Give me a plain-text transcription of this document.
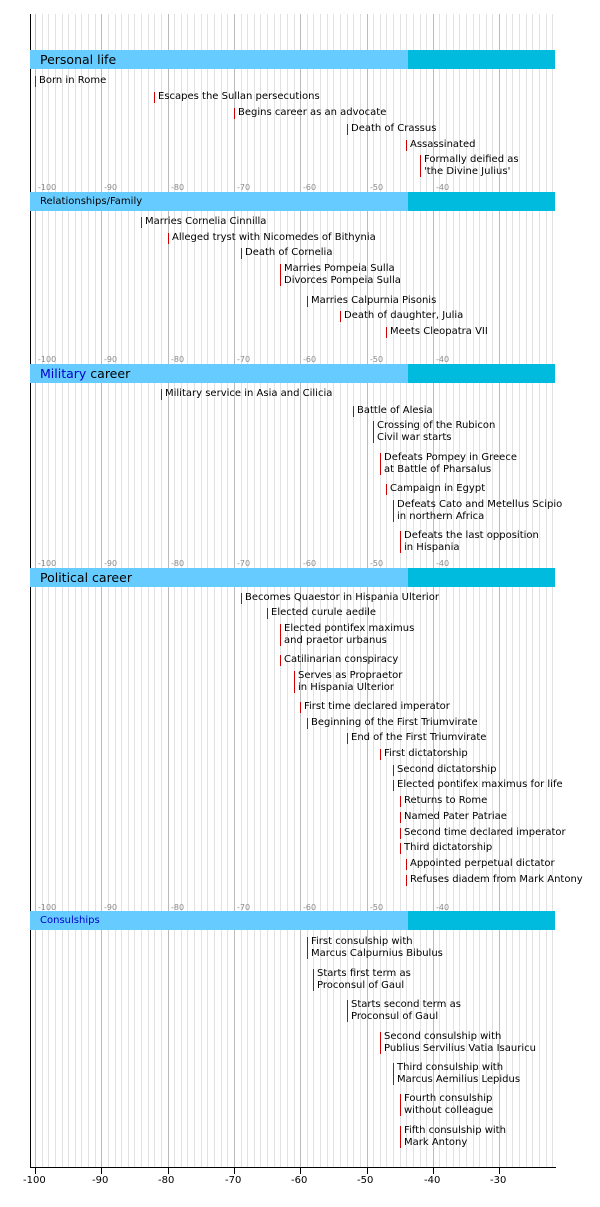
Personal life
Relationships/Family
Military career
Political career
Consulships
Born in Rome
Escapes the Sullan persecutions
Begins career as an advocate
Death of Crassus
Assassinated
Formally deified as
'the Divine Julius'
Marries Cornelia Cinnilla
Alleged tryst with Nicomedes of Bithynia
Death of Cornelia
Marries Pompeia Sulla
Divorces Pompeia Sulla
Marries Calpurnia Pisonis
Death of daughter, Julia
Meets Cleopatra VII
Military service in Asia and Cilicia
Battle of Alesia
Crossing of the Rubicon
Civil war starts
Defeats Pompey in Greece
at Battle of Pharsalus
Campaign in Egypt
Defeats Cato and Metellus Scipio
in northern Africa
Defeats the last opposition
in Hispania
Becomes Quaestor in Hispania Ulterior
Elected curule aedile
Elected pontifex maximus
and praetor urbanus
Catilinarian conspiracy
Serves as Propraetor
in Hispania Ulterior
First time declared imperator
Beginning of the First Triumvirate
End of the First Triumvirate
First dictatorship
Second dictatorship
Elected pontifex maximus for life
Returns to Rome
Named Pater Patriae
Second time declared imperator
Third dictatorship
Appointed perpetual dictator
Refuses diadem from Mark Antony
First consulship with
Marcus Calpurnius Bibulus
Starts first term as
Proconsul of Gaul
Starts second term as
Proconsul of Gaul
Second consulship with
Publius Servilius Vatia Isauricu
Third consulship with
Marcus Aemilius Lepidus
Fourth consulship
without colleague
Fifth consulship with
Mark Antony
-100	-90	-80	-70	-60	-50	-40
-100	-90	-80	-70	-60	-50	-40
-100	-90	-80	-70	-60	-50	-40
-100	-90	-80	-70	-60	-50	-40
-100	-90	-80	-70	-60	-50	-40	-30
